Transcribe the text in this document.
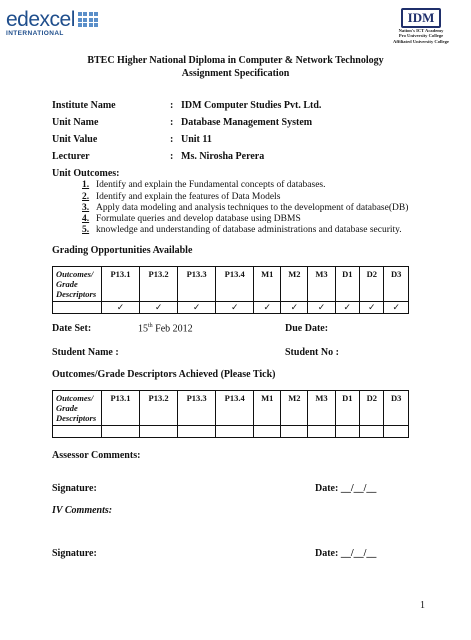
edexcel
INTERNATIONAL
IDM
Nation's ICT Academy
Pro University College
Affiliated University College
BTEC Higher National Diploma in Computer & Network Technology
Assignment Specification
Institute Name	: IDM Computer Studies Pvt. Ltd.
Unit Name	: Database Management System
Unit Value	: Unit 11
Lecturer	: Ms. Nirosha Perera
Unit Outcomes:
1. Identify and explain the Fundamental concepts of databases.
2. Identify and explain the features of Data Models
3. Apply data modeling and analysis techniques to the development of database(DB)
4. Formulate queries and develop database using DBMS
5. knowledge and understanding of database administrations and database security.
Grading Opportunities Available
Outcomes/
Grade
Descriptors	P13.1	P13.2	P13.3	P13.4	M1	M2	M3	D1	D2	D3
	✓	✓	✓	✓	✓	✓	✓	✓	✓	✓
Date Set:	15th Feb 2012	Due Date:
Student Name :	Student No :
Outcomes/Grade Descriptors Achieved (Please Tick)
Outcomes/
Grade
Descriptors	P13.1	P13.2	P13.3	P13.4	M1	M2	M3	D1	D2	D3

Assessor Comments:
Signature:	Date: __/__/__
IV Comments:
Signature:	Date: __/__/__
1
